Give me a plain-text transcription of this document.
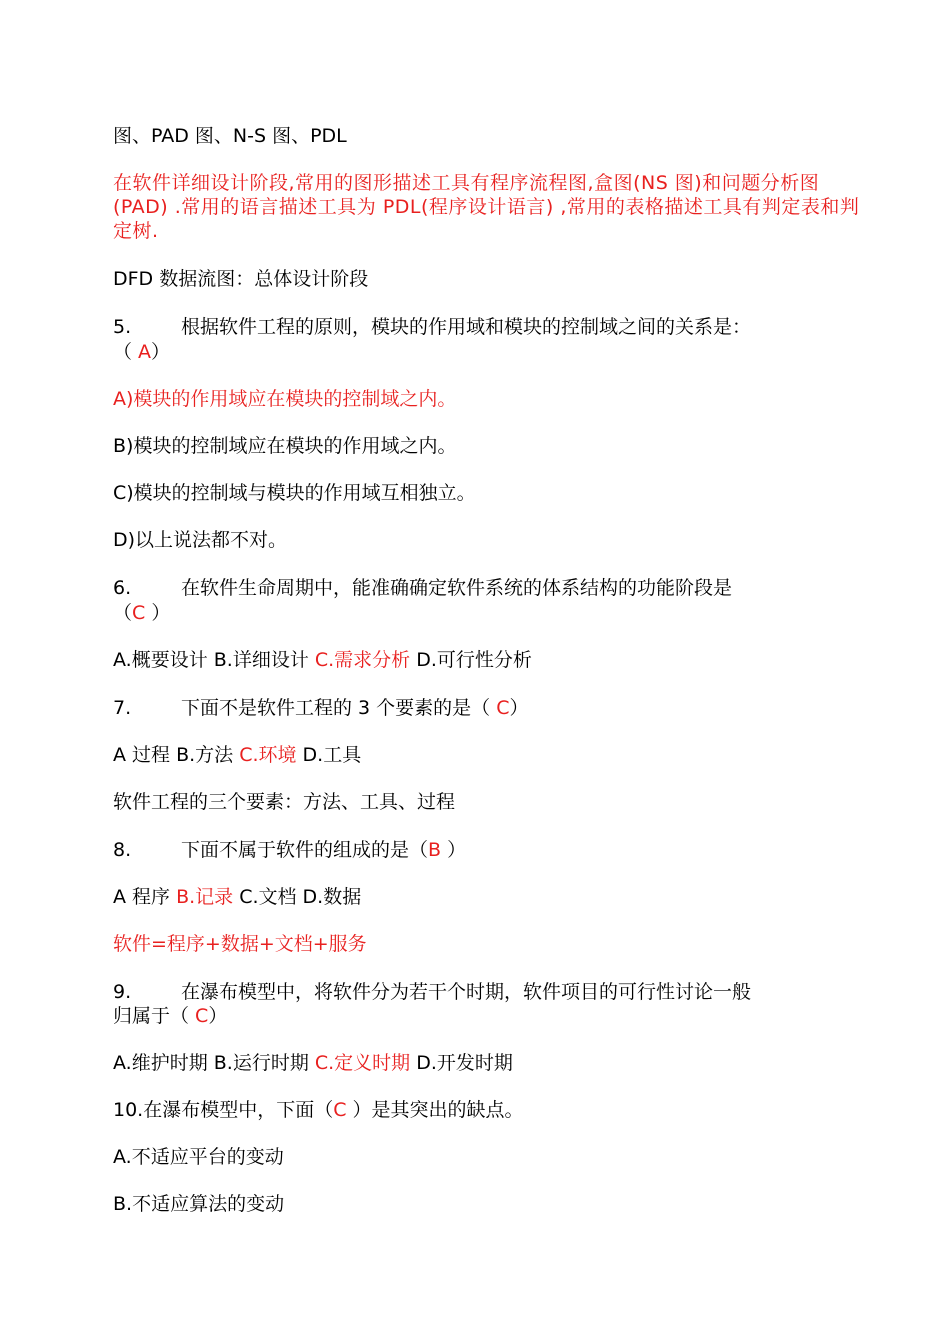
图、PAD 图、N-S 图、PDL
在软件详细设计阶段,常用的图形描述工具有程序流程图,盒图(NS 图)和问题分析图(PAD) .常用的语言描述工具为 PDL(程序设计语言) ,常用的表格描述工具有判定表和判定树.
DFD 数据流图：总体设计阶段
5.	根据软件工程的原则，模块的作用域和模块的控制域之间的关系是：
（ A）
A)模块的作用域应在模块的控制域之内。
B)模块的控制域应在模块的作用域之内。
C)模块的控制域与模块的作用域互相独立。
D)以上说法都不对。
6.	在软件生命周期中，能准确确定软件系统的体系结构的功能阶段是
（C ）
A.概要设计 B.详细设计 C.需求分析 D.可行性分析
7.	下面不是软件工程的 3 个要素的是（ C）
A 过程 B.方法 C.环境 D.工具
软件工程的三个要素：方法、工具、过程
8.	下面不属于软件的组成的是（B ）
A 程序 B.记录 C.文档 D.数据
软件=程序+数据+文档+服务
9.	在瀑布模型中，将软件分为若干个时期，软件项目的可行性讨论一般
归属于（ C）
A.维护时期 B.运行时期 C.定义时期 D.开发时期
10.在瀑布模型中，下面（C ）是其突出的缺点。
A.不适应平台的变动
B.不适应算法的变动
